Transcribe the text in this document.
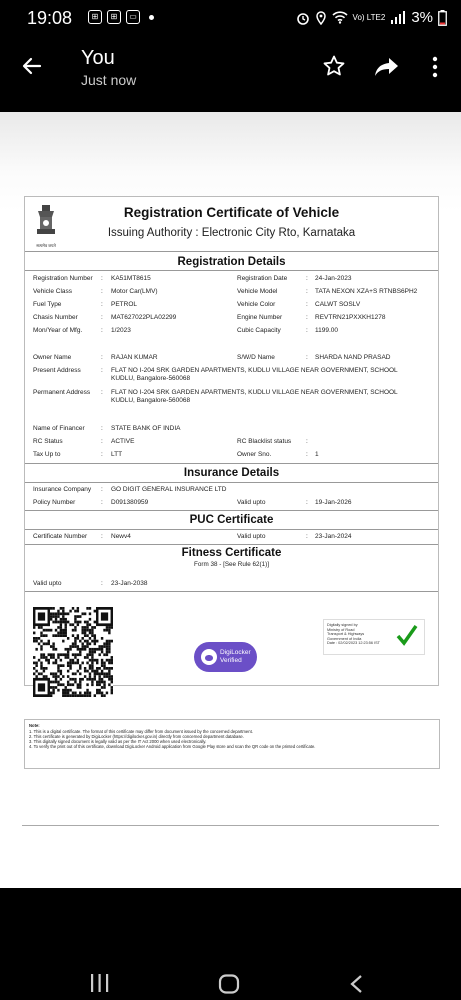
19:08	⊞	⊞	▭	Vo) LTE2 3%
You
Just now
सत्यमेव जयते
Registration Certificate of Vehicle
Issuing Authority : Electronic City Rto, Karnataka
Registration Details
Registration Number : KA51MT8615	Registration Date	: 24-Jan-2023
Vehicle Class	: Motor Car(LMV)	Vehicle Model	: TATA NEXON XZA+S RTNBS6PH2
Fuel Type	: PETROL	Vehicle Color	: CALWT SOSLV
Chasis Number	: MAT627022PLA02299	Engine Number	: REVTRN21PXXKH1278
Mon/Year of Mfg.	: 1/2023	Cubic Capacity	: 1199.00
Owner Name	: RAJAN KUMAR	S/W/D Name	: SHARDA NAND PRASAD
Present Address	: FLAT NO I-204 SRK GARDEN APARTMENTS, KUDLU VILLAGE NEAR GOVERNMENT, SCHOOL
KUDLU, Bangalore-560068
Permanent Address : FLAT NO I-204 SRK GARDEN APARTMENTS, KUDLU VILLAGE NEAR GOVERNMENT, SCHOOL
KUDLU, Bangalore-560068
Name of Financer	: STATE BANK OF INDIA
RC Status	: ACTIVE	RC Blacklist status :
Tax Up to	: LTT	Owner Sno.	: 1
Insurance Details
Insurance Company : GO DIGIT GENERAL INSURANCE LTD
Policy Number	: D091380959	Valid upto	: 19-Jan-2026
PUC Certificate
Certificate Number : Newv4	Valid upto	: 23-Jan-2024
Fitness Certificate
Form 38 - [See Rule 62(1)]
Valid upto	: 23-Jan-2038
DigiLocker
Verified
Digitally signed by
Ministry of Road
Transport & Highways
Government of India
Date : 02/02/2023 12:23:56 IST
Note:
1. This is a digital certificate. The format of this certificate may differ from document issued by the concerned department.
2. This certificate is generated by DigiLocker (https://digilocker.gov.in) directly from concerned department database.
3. This digitally signed document is legally valid as per the IT Act 2000 when used electronically.
4. To verify the print out of this certificate, download DigiLocker Android application from Google Play store and scan the QR code on the printed certificate.
